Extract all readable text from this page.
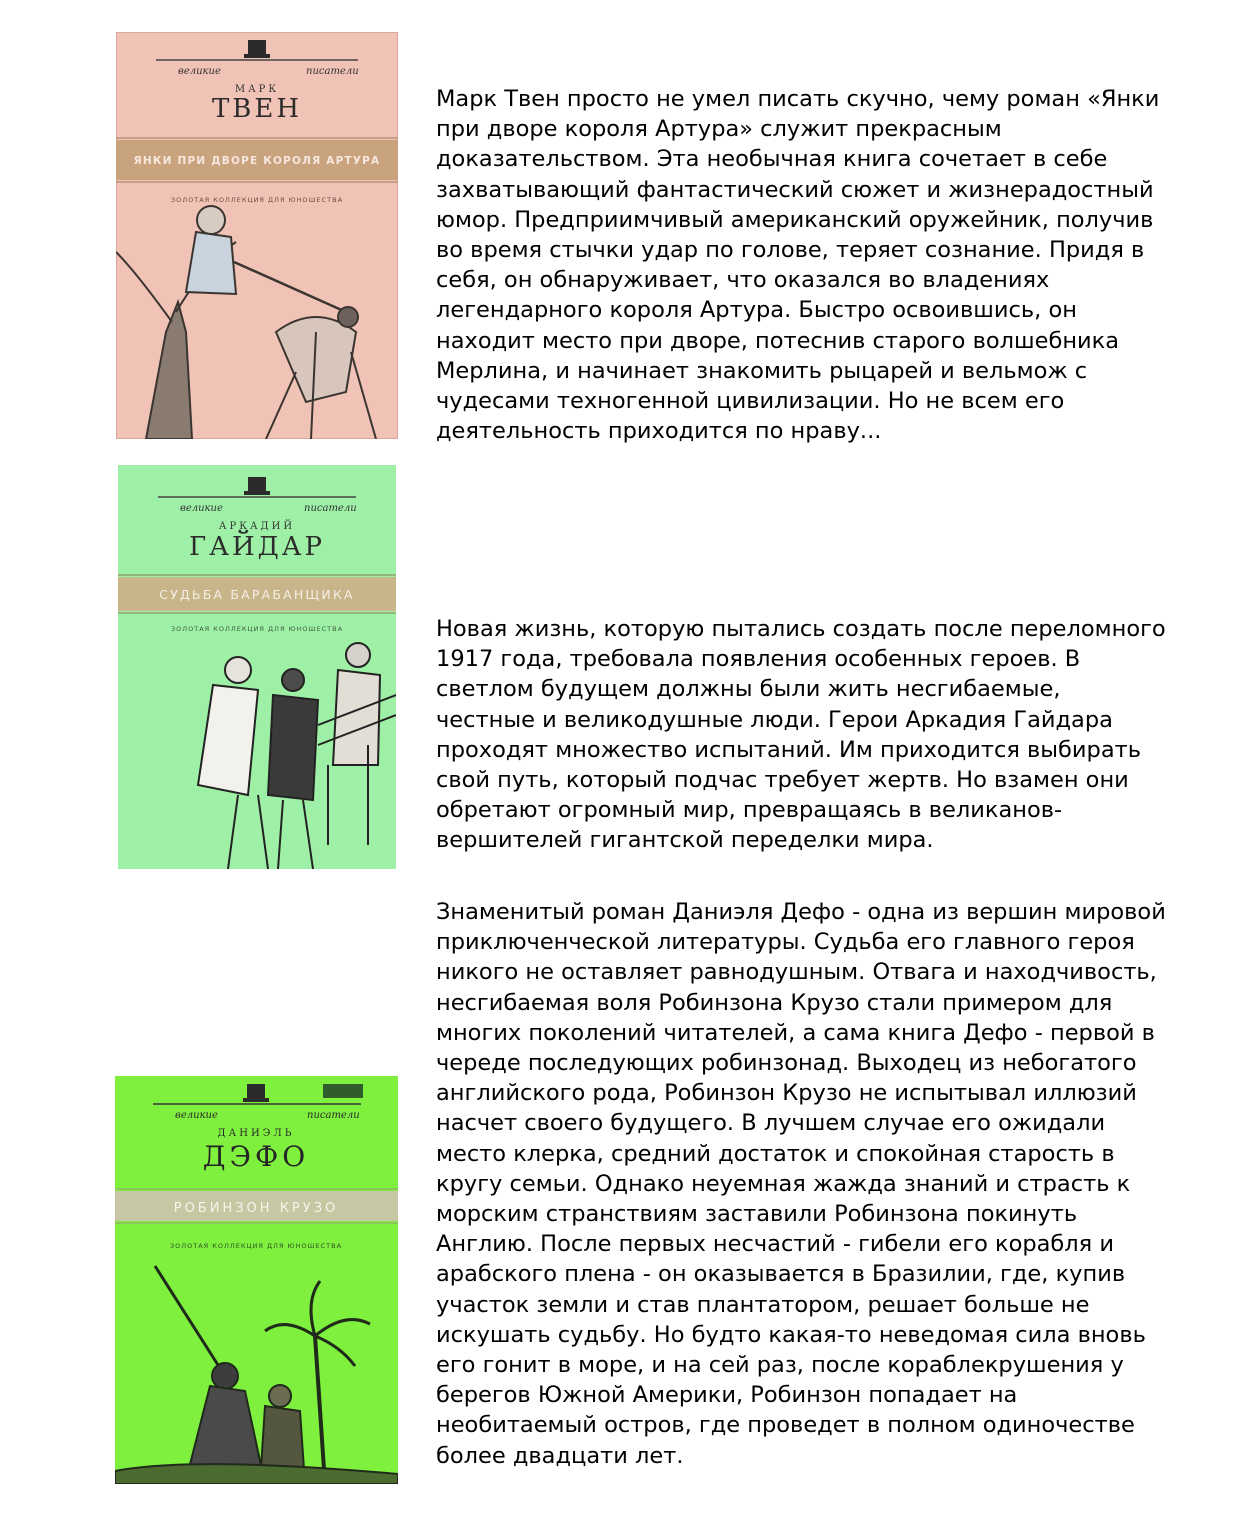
великие	писатели
МАРК
ТВЕН
ЯНКИ ПРИ ДВОРЕ КОРОЛЯ АРТУРА
ЗОЛОТАЯ КОЛЛЕКЦИЯ ДЛЯ ЮНОШЕСТВА

Марк Твен просто не умел писать скучно, чему роман «Янки при дворе короля Артура» служит прекрасным доказательством. Эта необычная книга сочетает в себе захватывающий фантастический сюжет и жизнерадостный юмор. Предприимчивый американский оружейник, получив во время стычки удар по голове, теряет сознание. Придя в себя, он обнаруживает, что оказался во владениях легендарного короля Артура. Быстро освоившись, он находит место при дворе, потеснив старого волшебника Мерлина, и начинает знакомить рыцарей и вельмож с чудесами техногенной цивилизации. Но не всем его деятельность приходится по нраву...

великие	писатели
АРКАДИЙ
ГАЙДАР
СУДЬБА БАРАБАНЩИКА
ЗОЛОТАЯ КОЛЛЕКЦИЯ ДЛЯ ЮНОШЕСТВА	Новая жизнь, которую пытались создать после переломного 1917 года, требовала появления особенных героев. В светлом будущем должны были жить несгибаемые, честные и великодушные люди. Герои Аркадия Гайдара проходят множество испытаний. Им приходится выбирать свой путь, который подчас требует жертв. Но взамен они обретают огромный мир, превращаясь в великанов-вершителей гигантской переделки мира.

великие	писатели
ДАНИЭЛЬ
ДЭФО
РОБИНЗОН КРУЗО
ЗОЛОТАЯ КОЛЛЕКЦИЯ ДЛЯ ЮНОШЕСТВА

Знаменитый роман Даниэля Дефо - одна из вершин мировой приключенческой литературы. Судьба его главного героя никого не оставляет равнодушным. Отвага и находчивость, несгибаемая воля Робинзона Крузо стали примером для многих поколений читателей, а сама книга Дефо - первой в череде последующих робинзонад. Выходец из небогатого английского рода, Робинзон Крузо не испытывал иллюзий насчет своего будущего. В лучшем случае его ожидали место клерка, средний достаток и спокойная старость в кругу семьи. Однако неуемная жажда знаний и страсть к морским странствиям заставили Робинзона покинуть Англию. После первых несчастий - гибели его корабля и арабского плена - он оказывается в Бразилии, где, купив участок земли и став плантатором, решает больше не искушать судьбу. Но будто какая-то неведомая сила вновь его гонит в море, и на сей раз, после кораблекрушения у берегов Южной Америки, Робинзон попадает на необитаемый остров, где проведет в полном одиночестве более двадцати лет.
